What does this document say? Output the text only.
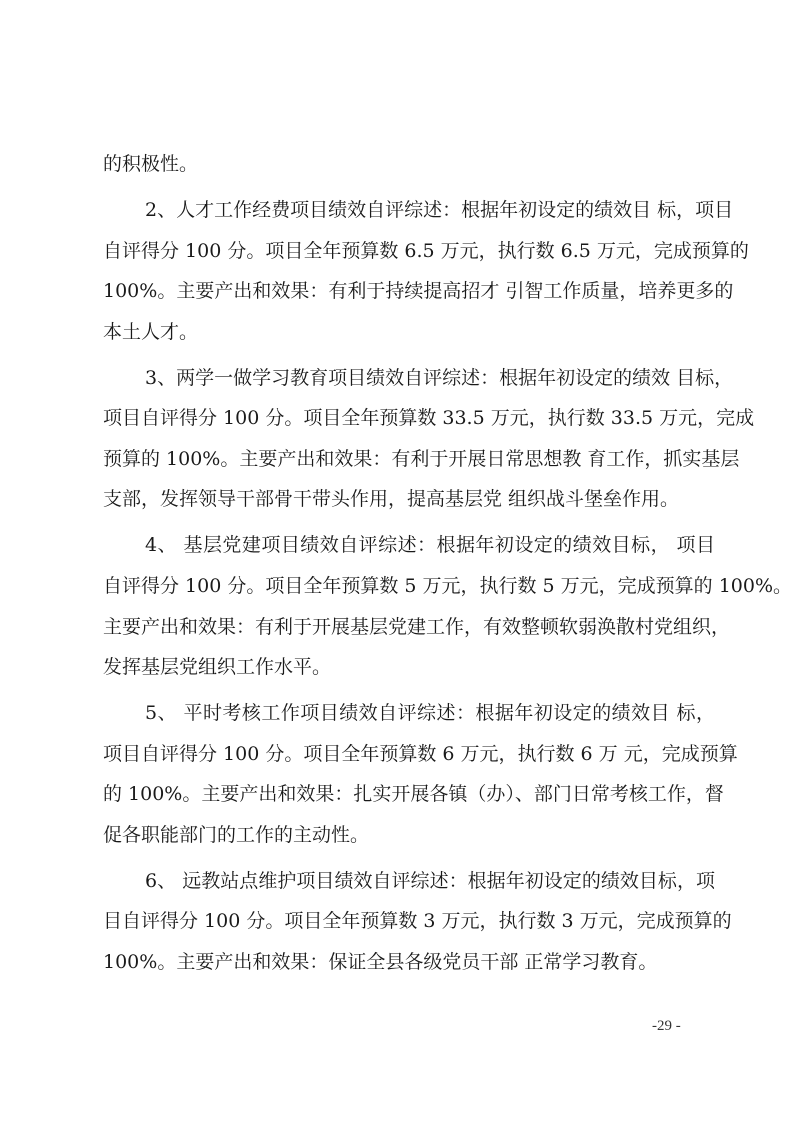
的积极性。
2、人才工作经费项目绩效自评综述：根据年初设定的绩效目 标，项目
自评得分 100 分。项目全年预算数 6.5 万元，执行数 6.5 万元，完成预算的
100%。主要产出和效果：有利于持续提高招才 引智工作质量，培养更多的
本土人才。
3、两学一做学习教育项目绩效自评综述：根据年初设定的绩效 目标，
项目自评得分 100 分。项目全年预算数 33.5 万元，执行数 33.5 万元，完成
预算的 100%。主要产出和效果：有利于开展日常思想教 育工作，抓实基层
支部，发挥领导干部骨干带头作用，提高基层党 组织战斗堡垒作用。
4、 基层党建项目绩效自评综述：根据年初设定的绩效目标， 项目
自评得分 100 分。项目全年预算数 5 万元，执行数 5 万元，完成预算的 100%。
主要产出和效果：有利于开展基层党建工作，有效整顿软弱涣散村党组织，
发挥基层党组织工作水平。
5、 平时考核工作项目绩效自评综述：根据年初设定的绩效目 标，
项目自评得分 100 分。项目全年预算数 6 万元，执行数 6 万 元，完成预算
的 100%。主要产出和效果：扎实开展各镇（办）、部门日常考核工作，督
促各职能部门的工作的主动性。
6、 远教站点维护项目绩效自评综述：根据年初设定的绩效目标，项
目自评得分 100 分。项目全年预算数 3 万元，执行数 3 万元，完成预算的
100%。主要产出和效果：保证全县各级党员干部 正常学习教育。
-29 -
